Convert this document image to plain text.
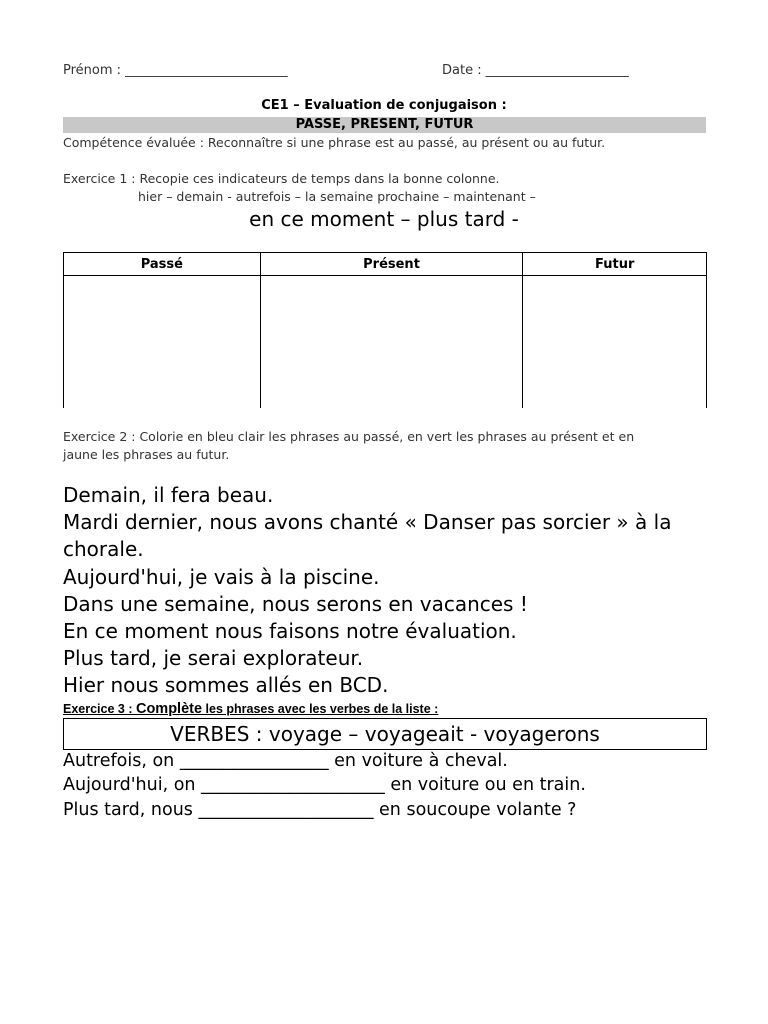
Prénom : _________________________	Date : ______________________
CE1 – Evaluation de conjugaison :
PASSE, PRESENT, FUTUR
Compétence évaluée : Reconnaître si une phrase est au passé, au présent ou au futur.
Exercice 1 : Recopie ces indicateurs de temps dans la bonne colonne.
hier – demain - autrefois – la semaine prochaine – maintenant –
en ce moment – plus tard -
Passé	Présent	Futur

Exercice 2 : Colorie en bleu clair les phrases au passé, en vert les phrases au présent et en
jaune les phrases au futur.
Demain, il fera beau.
Mardi dernier, nous avons chanté « Danser pas sorcier » à la chorale.
Aujourd'hui, je vais à la piscine.
Dans une semaine, nous serons en vacances !
En ce moment nous faisons notre évaluation.
Plus tard, je serai explorateur.
Hier nous sommes allés en BCD.
Exercice 3 : Complète les phrases avec les verbes de la liste :
VERBES : voyage – voyageait - voyagerons
Autrefois, on _________________ en voiture à cheval.
Aujourd'hui, on _____________________ en voiture ou en train.
Plus tard, nous ____________________ en soucoupe volante ?
